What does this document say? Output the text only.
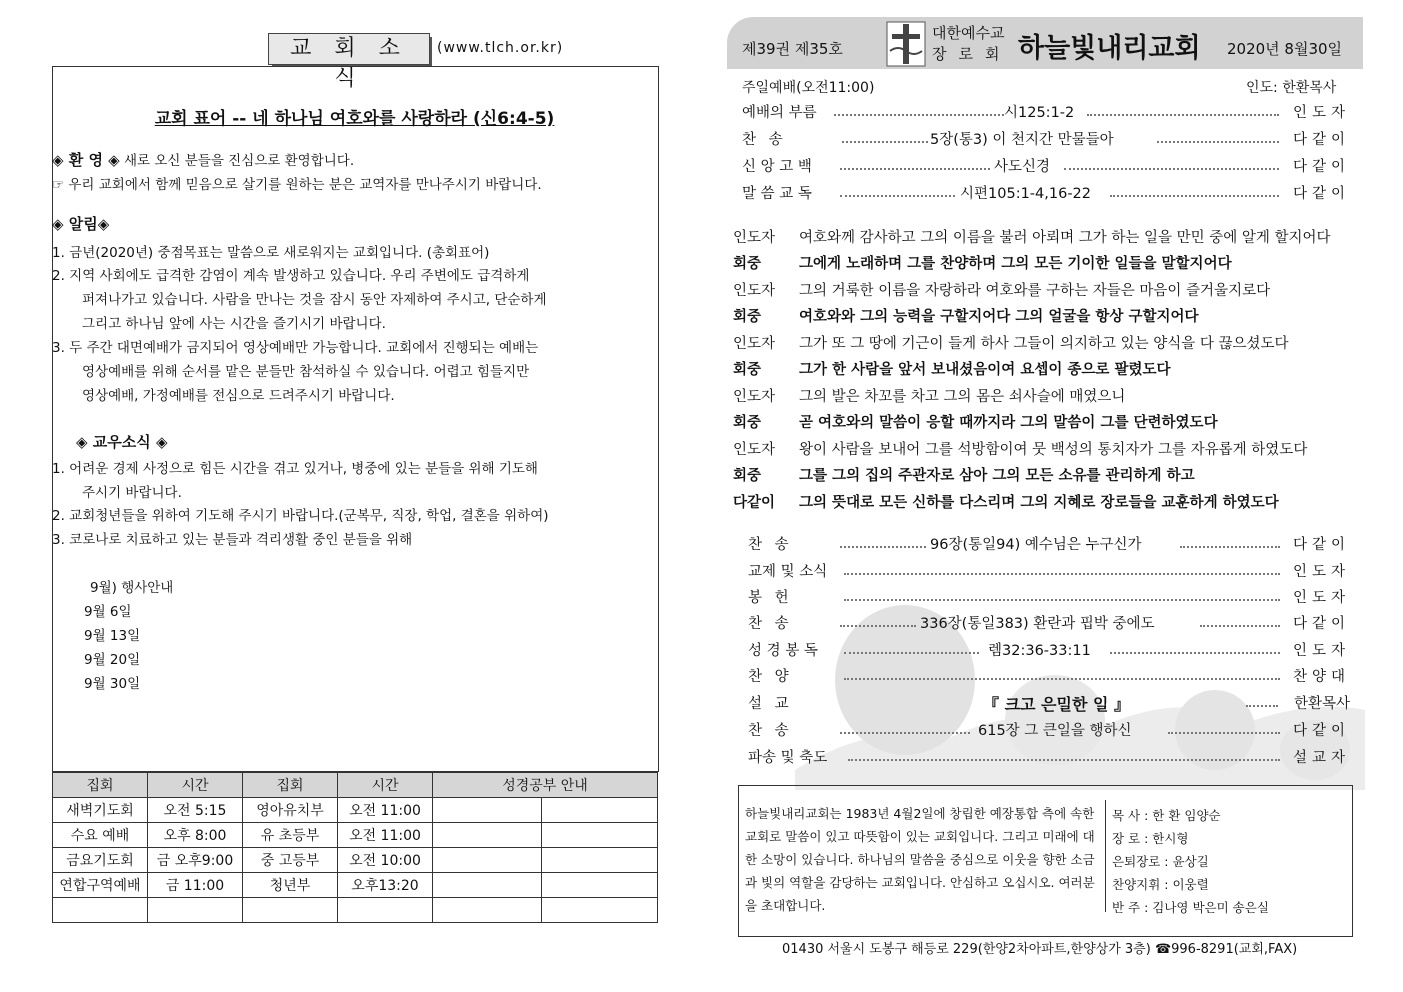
교 회 소 식
(www.tlch.or.kr)
교회 표어 -- 네 하나님 여호와를 사랑하라 (신6:4-5)
◈ 환 영 ◈ 새로 오신 분들을 진심으로 환영합니다.
☞ 우리 교회에서 함께 믿음으로 살기를 원하는 분은 교역자를 만나주시기 바랍니다.
◈ 알림◈
1. 금년(2020년) 중점목표는 말씀으로 새로워지는 교회입니다. (총회표어)
2. 지역 사회에도 급격한 감염이 계속 발생하고 있습니다. 우리 주변에도 급격하게
퍼져나가고 있습니다. 사람을 만나는 것을 잠시 동안 자제하여 주시고, 단순하게
그리고 하나님 앞에 사는 시간을 즐기시기 바랍니다.
3. 두 주간 대면예배가 금지되어 영상예배만 가능합니다. 교회에서 진행되는 예배는
영상예배를 위해 순서를 맡은 분들만 참석하실 수 있습니다. 어렵고 힘들지만
영상예배, 가정예배를 전심으로 드려주시기 바랍니다.
◈ 교우소식 ◈
1. 어려운 경제 사정으로 힘든 시간을 겪고 있거나, 병중에 있는 분들을 위해 기도해
주시기 바랍니다.
2. 교회청년들을 위하여 기도해 주시기 바랍니다.(군복무, 직장, 학업, 결혼을 위하여)
3. 코로나로 치료하고 있는 분들과 격리생활 중인 분들을 위해
9월) 행사안내
9월 6일
9월 13일
9월 20일
9월 30일
집회	시간	집회	시간	성경공부 안내	
새벽기도회	오전 5:15	영아유치부	오전 11:00		
수요 예배	오후 8:00	유 초등부	오전 11:00		
금요기도회	금 오후9:00	중 고등부	오전 10:00		
연합구역예배	금 11:00	청년부	오후13:20		

제39권 제35호
대한예수교
장로회 하늘빛내리교회 2020년 8월30일
주일예배(오전11:00)	인도: 한환목사
예배의 부름	시125:1-2	인도자
찬 송	5장(통3) 이 천지간 만물들아	다같이
신 앙 고 백	사도신경	다같이
말 씀 교 독	시편105:1-4,16-22	다같이
인도자 여호와께 감사하고 그의 이름을 불러 아뢰며 그가 하는 일을 만민 중에 알게 할지어다
회중	그에게 노래하며 그를 찬양하며 그의 모든 기이한 일들을 말할지어다
인도자 그의 거룩한 이름을 자랑하라 여호와를 구하는 자들은 마음이 즐거울지로다
회중	여호와와 그의 능력을 구할지어다 그의 얼굴을 항상 구할지어다
인도자 그가 또 그 땅에 기근이 들게 하사 그들이 의지하고 있는 양식을 다 끊으셨도다
회중	그가 한 사람을 앞서 보내셨음이여 요셉이 종으로 팔렸도다
인도자 그의 발은 차꼬를 차고 그의 몸은 쇠사슬에 매였으니
회중	곧 여호와의 말씀이 응할 때까지라 그의 말씀이 그를 단련하였도다
인도자 왕이 사람을 보내어 그를 석방함이여 뭇 백성의 통치자가 그를 자유롭게 하였도다
회중	그를 그의 집의 주관자로 삼아 그의 모든 소유를 관리하게 하고
다같이 그의 뜻대로 모든 신하를 다스리며 그의 지혜로 장로들을 교훈하게 하였도다
찬 송	96장(통일94) 예수님은 누구신가	다같이
교제 및 소식	인도자
봉 헌	인도자
찬 송	336장(통일383) 환란과 핍박 중에도	다같이
성 경 봉 독	렘32:36-33:11	인도자
찬 양	찬양대
설 교	『 크고 은밀한 일 』	한환목사
찬 송	615장 그 큰일을 행하신	다같이
파송 및 축도	설교자
하늘빛내리교회는 1983년 4월2일에 창립한 예장통합 측에 속한 교회로 말씀이 있고 따뜻함이 있는 교회입니다. 그리고 미래에 대한 소망이 있습니다. 하나님의 말씀을 중심으로 이웃을 향한 소금과 빛의 역할을 감당하는 교회입니다. 안심하고 오십시오. 여러분을 초대합니다.
목 사 : 한 환 임양순
장 로 : 한시형
은퇴장로 : 윤상길
찬양지휘 : 이웅렬
반 주 : 김나영 박은미 송은실
01430 서울시 도봉구 해등로 229(한양2차아파트,한양상가 3층) ☎996-8291(교회,FAX)
